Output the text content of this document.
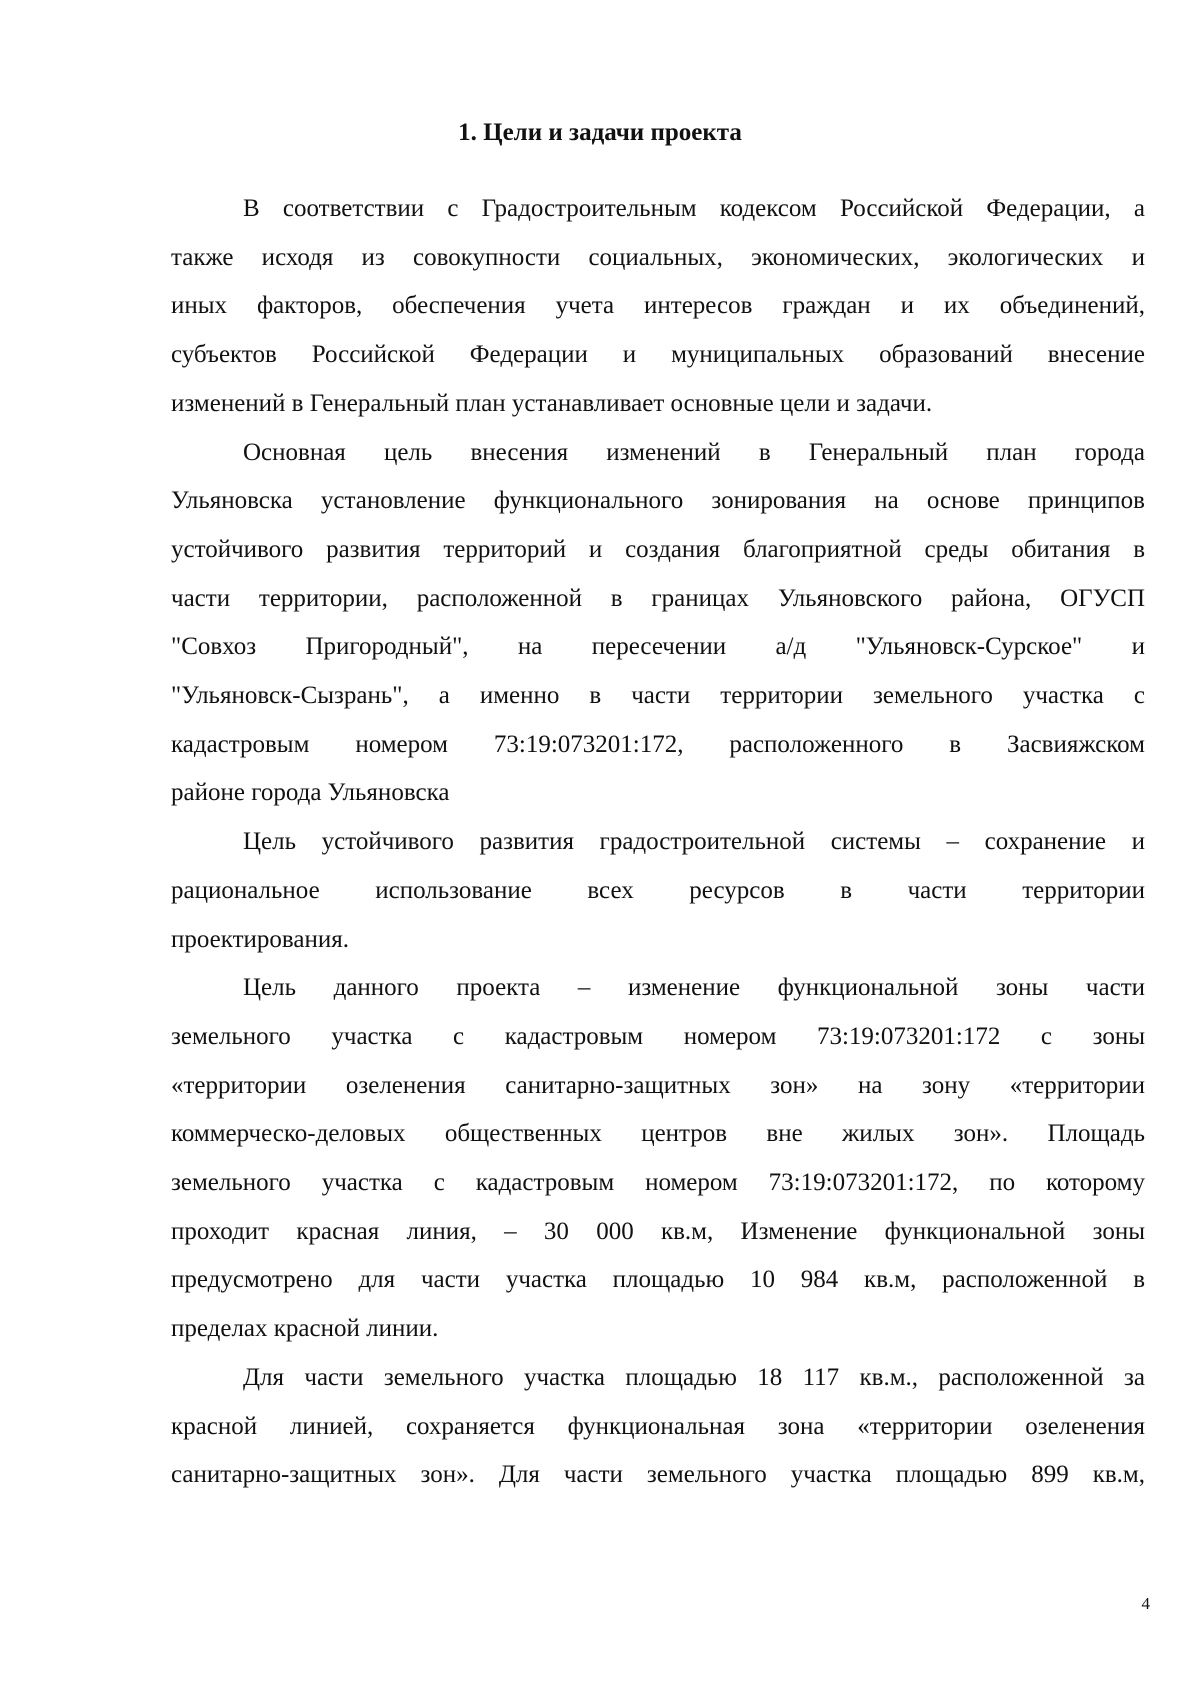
1. Цели и задачи проекта

В соответствии с Градостроительным кодексом Российской Федерации, а
также исходя из совокупности социальных, экономических, экологических и
иных факторов, обеспечения учета интересов граждан и их объединений,
субъектов Российской Федерации и муниципальных образований внесение
изменений в Генеральный план устанавливает основные цели и задачи.

Основная цель внесения изменений в Генеральный план города
Ульяновска установление функционального зонирования на основе принципов
устойчивого развития территорий и создания благоприятной среды обитания в
части территории, расположенной в границах Ульяновского района, ОГУСП
"Совхоз Пригородный", на пересечении а/д "Ульяновск-Сурское" и
"Ульяновск-Сызрань", а именно в части территории земельного участка с
кадастровым номером 73:19:073201:172, расположенного в Засвияжском
районе города Ульяновска

Цель устойчивого развития градостроительной системы – сохранение и
рациональное использование всех ресурсов в части территории
проектирования.

Цель данного проекта – изменение функциональной зоны части
земельного участка с кадастровым номером 73:19:073201:172 с зоны
«территории озеленения санитарно-защитных зон» на зону «территории
коммерческо-деловых общественных центров вне жилых зон». Площадь
земельного участка с кадастровым номером 73:19:073201:172, по которому
проходит красная линия, – 30 000 кв.м, Изменение функциональной зоны
предусмотрено для части участка площадью 10 984 кв.м, расположенной в
пределах красной линии.

Для части земельного участка площадью 18 117 кв.м., расположенной за
красной линией, сохраняется функциональная зона «территории озеленения
санитарно-защитных зон». Для части земельного участка площадью 899 кв.м,

4
